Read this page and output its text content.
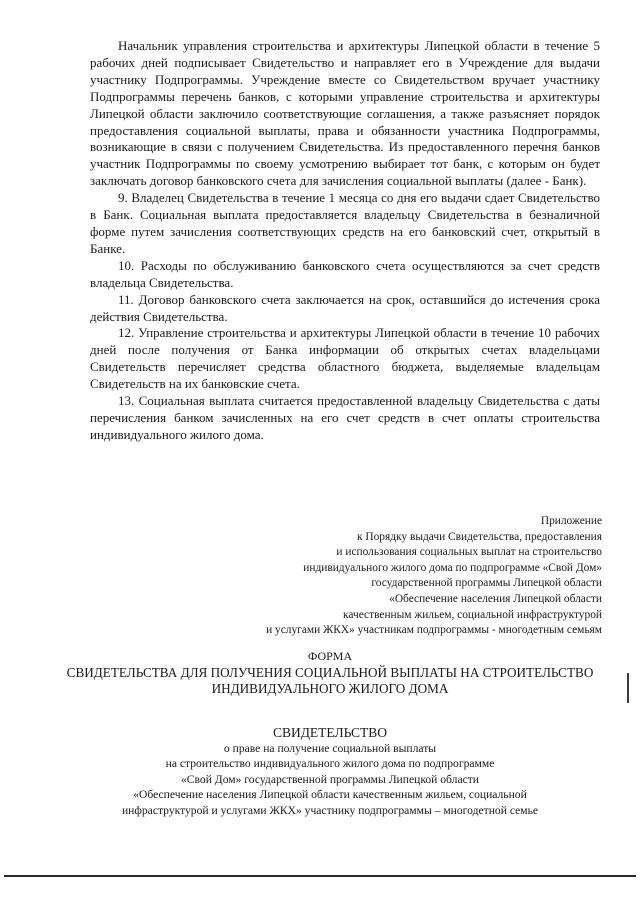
Начальник управления строительства и архитектуры Липецкой области в течение 5 рабочих дней подписывает Свидетельство и направляет его в Учреждение для выдачи участнику Подпрограммы. Учреждение вместе со Свидетельством вручает участнику Подпрограммы перечень банков, с которыми управление строительства и архитектуры Липецкой области заключило соответствующие соглашения, а также разъясняет порядок предоставления социальной выплаты, права и обязанности участника Подпрограммы, возникающие в связи с получением Свидетельства. Из предоставленного перечня банков участник Подпрограммы по своему усмотрению выбирает тот банк, с которым он будет заключать договор банковского счета для зачисления социальной выплаты (далее - Банк).

9. Владелец Свидетельства в течение 1 месяца со дня его выдачи сдает Свидетельство в Банк. Социальная выплата предоставляется владельцу Свидетельства в безналичной форме путем зачисления соответствующих средств на его банковский счет, открытый в Банке.

10. Расходы по обслуживанию банковского счета осуществляются за счет средств владельца Свидетельства.

11. Договор банковского счета заключается на срок, оставшийся до истечения срока действия Свидетельства.

12. Управление строительства и архитектуры Липецкой области в течение 10 рабочих дней после получения от Банка информации об открытых счетах владельцами Свидетельств перечисляет средства областного бюджета, выделяемые владельцам Свидетельств на их банковские счета.

13. Социальная выплата считается предоставленной владельцу Свидетельства с даты перечисления банком зачисленных на его счет средств в счет оплаты строительства индивидуального жилого дома.

Приложение
к Порядку выдачи Свидетельства, предоставления
и использования социальных выплат на строительство
индивидуального жилого дома по подпрограмме «Свой Дом»
государственной программы Липецкой области
«Обеспечение населения Липецкой области
качественным жильем, социальной инфраструктурой
и услугами ЖКХ» участникам подпрограммы - многодетным семьям
ФОРМА
СВИДЕТЕЛЬСТВА ДЛЯ ПОЛУЧЕНИЯ СОЦИАЛЬНОЙ ВЫПЛАТЫ НА СТРОИТЕЛЬСТВО
ИНДИВИДУАЛЬНОГО ЖИЛОГО ДОМА
СВИДЕТЕЛЬСТВО
о праве на получение социальной выплаты
на строительство индивидуального жилого дома по подпрограмме
«Свой Дом» государственной программы Липецкой области
«Обеспечение населения Липецкой области качественным жильем, социальной
инфраструктурой и услугами ЖКХ» участнику подпрограммы – многодетной семье
